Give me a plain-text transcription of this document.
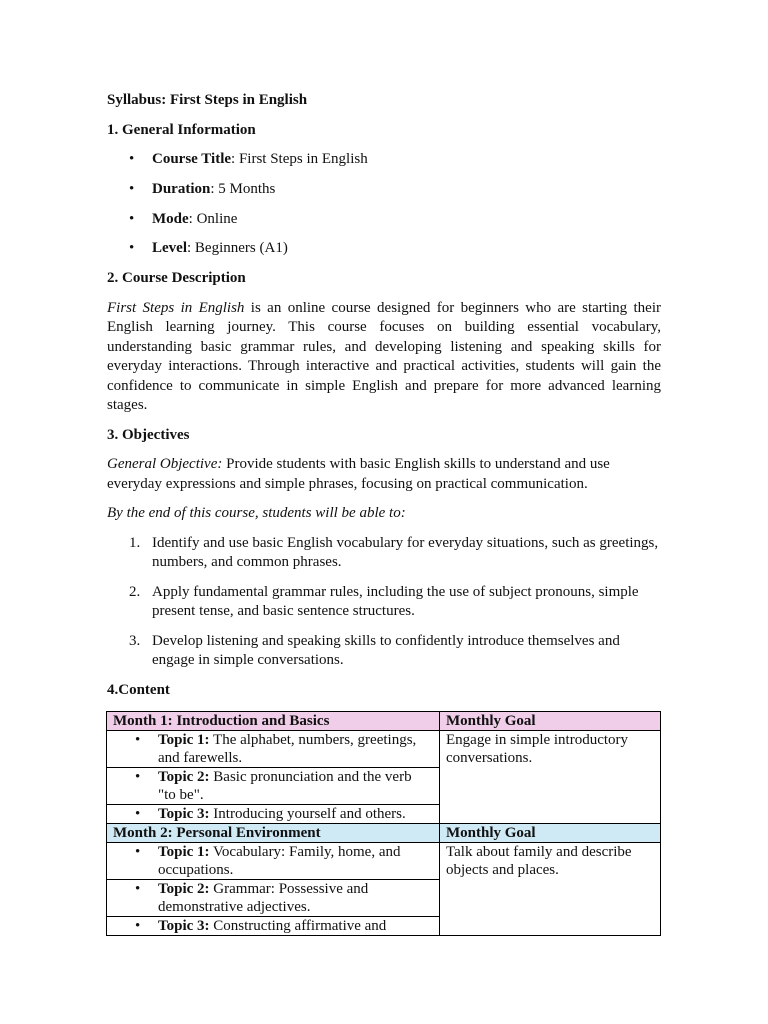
Syllabus: First Steps in English
1. General Information
• Course Title: First Steps in English
• Duration: 5 Months
• Mode: Online
• Level: Beginners (A1)
2. Course Description

First Steps in English is an online course designed for beginners who are starting their English learning journey. This course focuses on building essential vocabulary, understanding basic grammar rules, and developing listening and speaking skills for everyday interactions. Through interactive and practical activities, students will gain the confidence to communicate in simple English and prepare for more advanced learning stages.

3. Objectives

General Objective: Provide students with basic English skills to understand and use everyday expressions and simple phrases, focusing on practical communication.

By the end of this course, students will be able to:

1. Identify and use basic English vocabulary for everyday situations, such as greetings, numbers, and common phrases.
2. Apply fundamental grammar rules, including the use of subject pronouns, simple present tense, and basic sentence structures.
3. Develop listening and speaking skills to confidently introduce themselves and engage in simple conversations.
4.Content
Month 1: Introduction and Basics	Monthly Goal

• Topic 1: The alphabet, numbers, greetings, and farewells.	Engage in simple introductory conversations.

• Topic 2: Basic pronunciation and the verb "to be".

• Topic 3: Introducing yourself and others.

Month 2: Personal Environment	Monthly Goal

• Topic 1: Vocabulary: Family, home, and occupations.	Talk about family and describe objects and places.

• Topic 2: Grammar: Possessive and demonstrative adjectives.

• Topic 3: Constructing affirmative and
